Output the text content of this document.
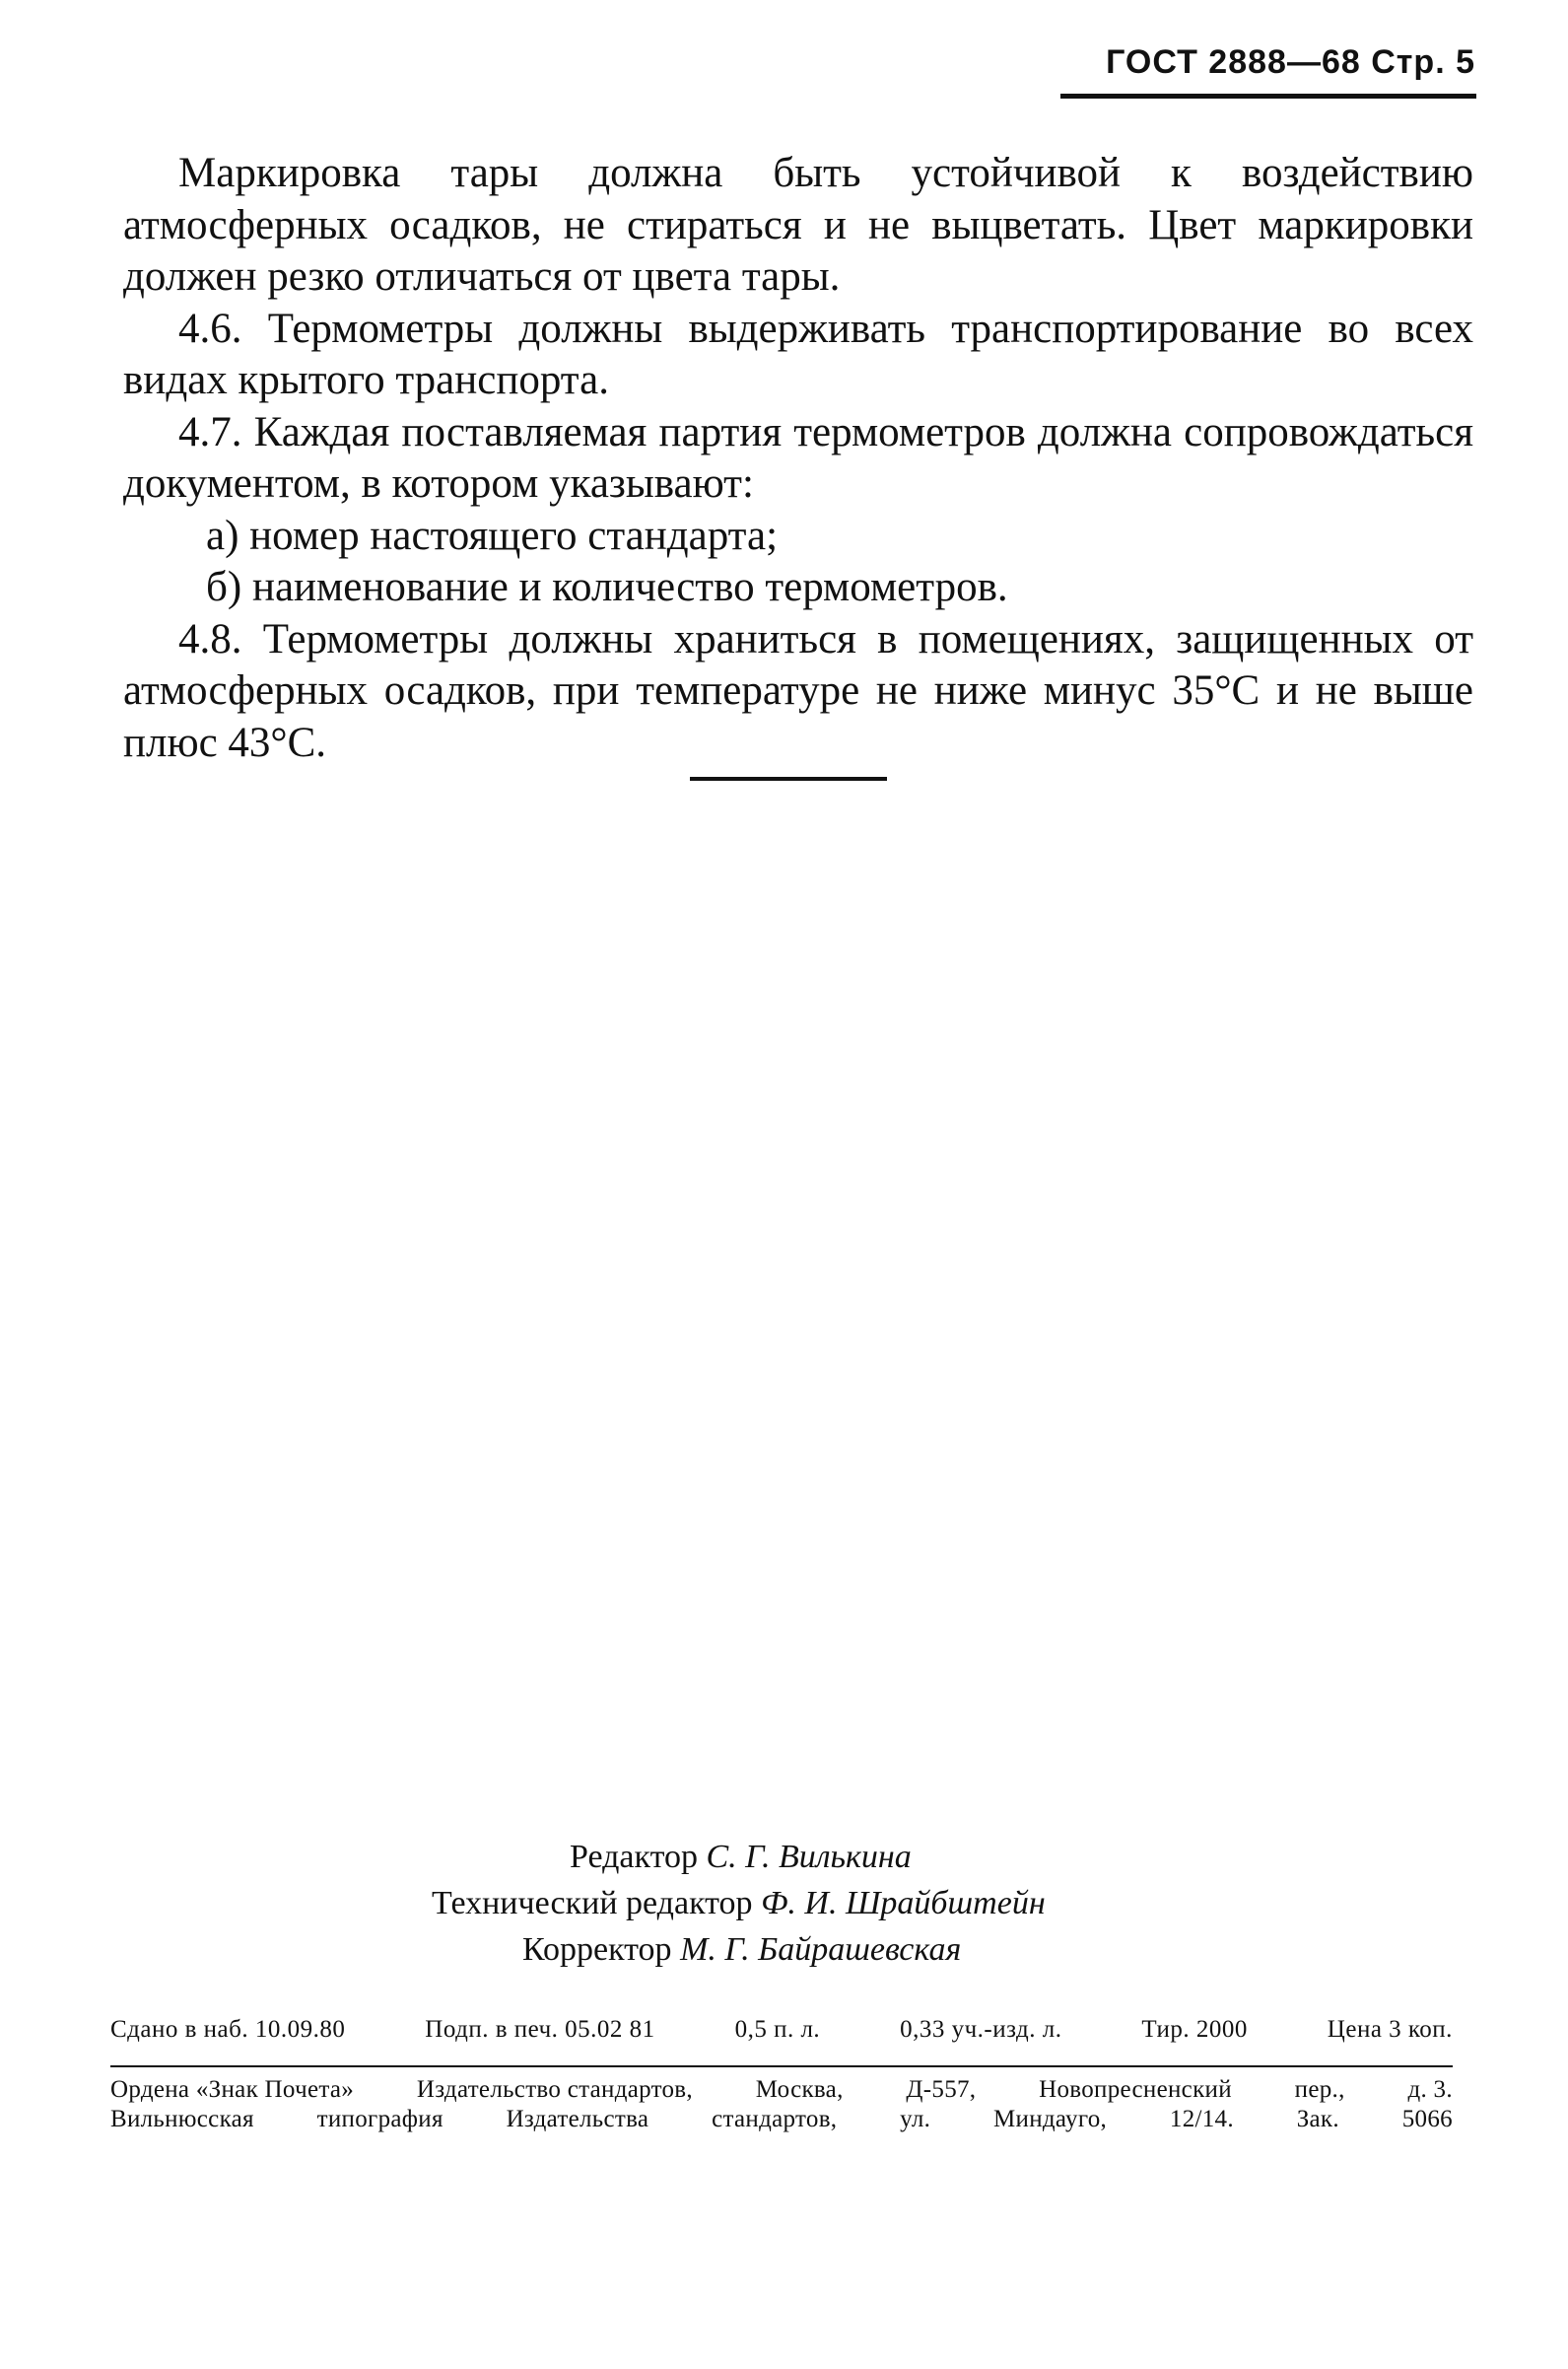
ГОСТ 2888—68 Стр. 5

Маркировка тары должна быть устойчивой к воздействию атмосферных осадков, не стираться и не выцветать. Цвет маркировки должен резко отличаться от цвета тары.

4.6. Термометры должны выдерживать транспортирование во всех видах крытого транспорта.

4.7. Каждая поставляемая партия термометров должна сопровождаться документом, в котором указывают:

а) номер настоящего стандарта;

б) наименование и количество термометров.

4.8. Термометры должны храниться в помещениях, защищенных от атмосферных осадков, при температуре не ниже минус 35°С и не выше плюс 43°С.

Редактор С. Г. Вилькина
Технический редактор Ф. И. Шрайбштейн
Корректор М. Г. Байрашевская
Сдано в наб. 10.09.80	Подп. в печ. 05.02 81	0,5 п. л.	0,33 уч.-изд. л.	Тир. 2000	Цена 3 коп.
Ордена «Знак Почета»	Издательство стандартов,	Москва,	Д-557,	Новопресненский	пер.,	д. 3.
Вильнюсская	типография	Издательства	стандартов,	ул.	Миндауго,	12/14.	Зак.	5066
